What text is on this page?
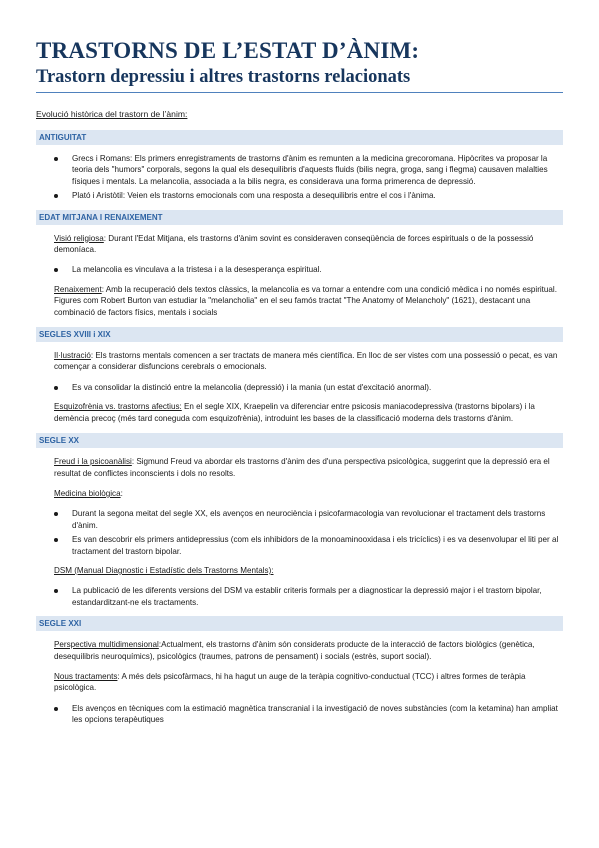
TRASTORNS DE L’ESTAT D’ÀNIM:
Trastorn depressiu i altres trastorns relacionats
Evolució històrica del trastorn de l’ànim:
ANTIGUITAT
Grecs i Romans: Els primers enregistraments de trastorns d'ànim es remunten a la medicina grecoromana. Hipòcrites va proposar la teoria dels "humors" corporals, segons la qual els desequilibris d'aquests fluids (bilis negra, groga, sang i flegma) causaven malalties físiques i mentals. La melancolia, associada a la bilis negra, es considerava una forma primerenca de depressió.
Plató i Aristòtil: Veien els trastorns emocionals com una resposta a desequilibris entre el cos i l'ànima.
EDAT MITJANA I RENAIXEMENT

Visió religiosa: Durant l'Edat Mitjana, els trastorns d'ànim sovint es consideraven conseqüència de forces espirituals o de la possessió demoníaca.

La melancolia es vinculava a la tristesa i a la desesperança espiritual.

Renaixement: Amb la recuperació dels textos clàssics, la melancolia es va tornar a entendre com una condició mèdica i no només espiritual. Figures com Robert Burton van estudiar la "melancholia" en el seu famós tractat "The Anatomy of Melancholy" (1621), destacant una combinació de factors físics, mentals i socials

SEGLES XVIII i XIX

Il·lustració: Els trastorns mentals comencen a ser tractats de manera més científica. En lloc de ser vistes com una possessió o pecat, es van començar a considerar disfuncions cerebrals o emocionals.

Es va consolidar la distinció entre la melancolia (depressió) i la mania (un estat d'excitació anormal).

Esquizofrènia vs. trastorns afectius: En el segle XIX, Kraepelin va diferenciar entre psicosis maniacodepressiva (trastorns bipolars) i la demència precoç (més tard coneguda com esquizofrènia), introduint les bases de la classificació moderna dels trastorns d'ànim.

SEGLE XX

Freud i la psicoanàlisi: Sigmund Freud va abordar els trastorns d'ànim des d'una perspectiva psicològica, suggerint que la depressió era el resultat de conflictes inconscients i dols no resolts.

Medicina biològica:

Durant la segona meitat del segle XX, els avenços en neurociència i psicofarmacologia van revolucionar el tractament dels trastorns d'ànim.
Es van descobrir els primers antidepressius (com els inhibidors de la monoaminooxidasa i els tricíclics) i es va desenvolupar el liti per al tractament del trastorn bipolar.

DSM (Manual Diagnostic i Estadístic dels Trastorns Mentals):

La publicació de les diferents versions del DSM va establir criteris formals per a diagnosticar la depressió major i el trastorn bipolar, estandarditzant-ne els tractaments.
SEGLE XXI

Perspectiva multidimensional:Actualment, els trastorns d'ànim són considerats producte de la interacció de factors biològics (genètica, desequilibris neuroquímics), psicològics (traumes, patrons de pensament) i socials (estrès, suport social).

Nous tractaments: A més dels psicofàrmacs, hi ha hagut un auge de la teràpia cognitivo-conductual (TCC) i altres formes de teràpia psicològica.

Els avenços en tècniques com la estimació magnètica transcranial i la investigació de noves substàncies (com la ketamina) han ampliat les opcions terapèutiques
